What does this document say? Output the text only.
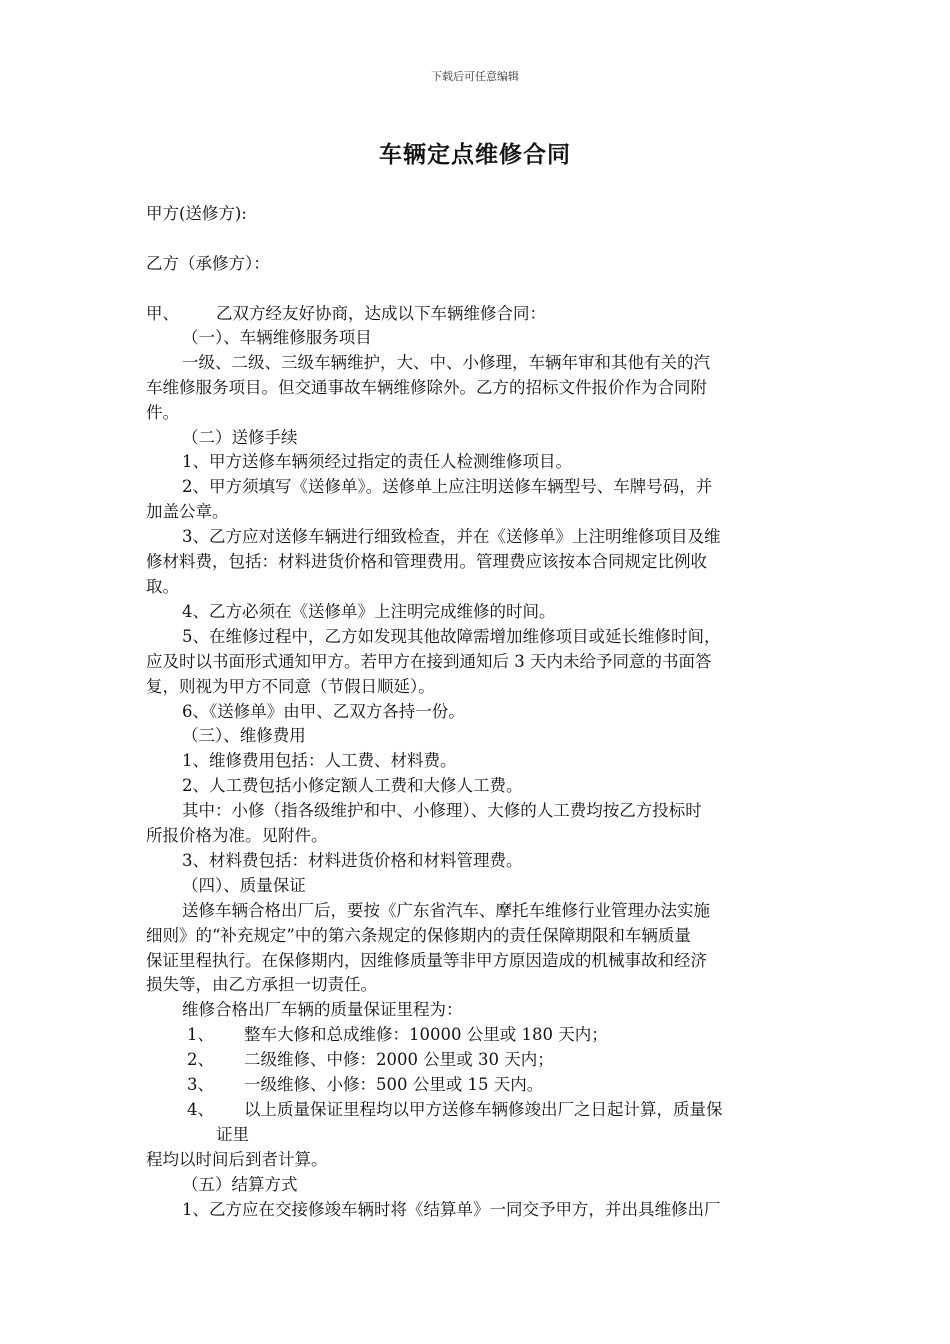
下载后可任意编辑
车辆定点维修合同
甲方(送修方):
乙方（承修方）：
甲、 乙双方经友好协商，达成以下车辆维修合同：
（一）、车辆维修服务项目
一级、二级、三级车辆维护，大、中、小修理，车辆年审和其他有关的汽
车维修服务项目。但交通事故车辆维修除外。乙方的招标文件报价作为合同附
件。
（二）送修手续
1、甲方送修车辆须经过指定的责任人检测维修项目。
2、甲方须填写《送修单》。送修单上应注明送修车辆型号、车牌号码，并
加盖公章。
3、乙方应对送修车辆进行细致检查，并在《送修单》上注明维修项目及维
修材料费，包括：材料进货价格和管理费用。管理费应该按本合同规定比例收
取。
4、乙方必须在《送修单》上注明完成维修的时间。
5、在维修过程中，乙方如发现其他故障需增加维修项目或延长维修时间，
应及时以书面形式通知甲方。若甲方在接到通知后 3 天内未给予同意的书面答
复，则视为甲方不同意（节假日顺延）。
6、《送修单》由甲、乙双方各持一份。
（三）、维修费用
1、维修费用包括：人工费、材料费。
2、人工费包括小修定额人工费和大修人工费。
其中：小修（指各级维护和中、小修理）、大修的人工费均按乙方投标时
所报价格为准。见附件。
3、材料费包括：材料进货价格和材料管理费。
（四）、质量保证
送修车辆合格出厂后，要按《广东省汽车、摩托车维修行业管理办法实施
细则》的“补充规定”中的第六条规定的保修期内的责任保障期限和车辆质量
保证里程执行。在保修期内，因维修质量等非甲方原因造成的机械事故和经济
损失等，由乙方承担一切责任。
维修合格出厂车辆的质量保证里程为：
1、 整车大修和总成维修：10000 公里或 180 天内；
2、 二级维修、中修：2000 公里或 30 天内；
3、 一级维修、小修：500 公里或 15 天内。
4、 以上质量保证里程均以甲方送修车辆修竣出厂之日起计算，质量保
证里
程均以时间后到者计算。
（五）结算方式
1、乙方应在交接修竣车辆时将《结算单》一同交予甲方，并出具维修出厂
